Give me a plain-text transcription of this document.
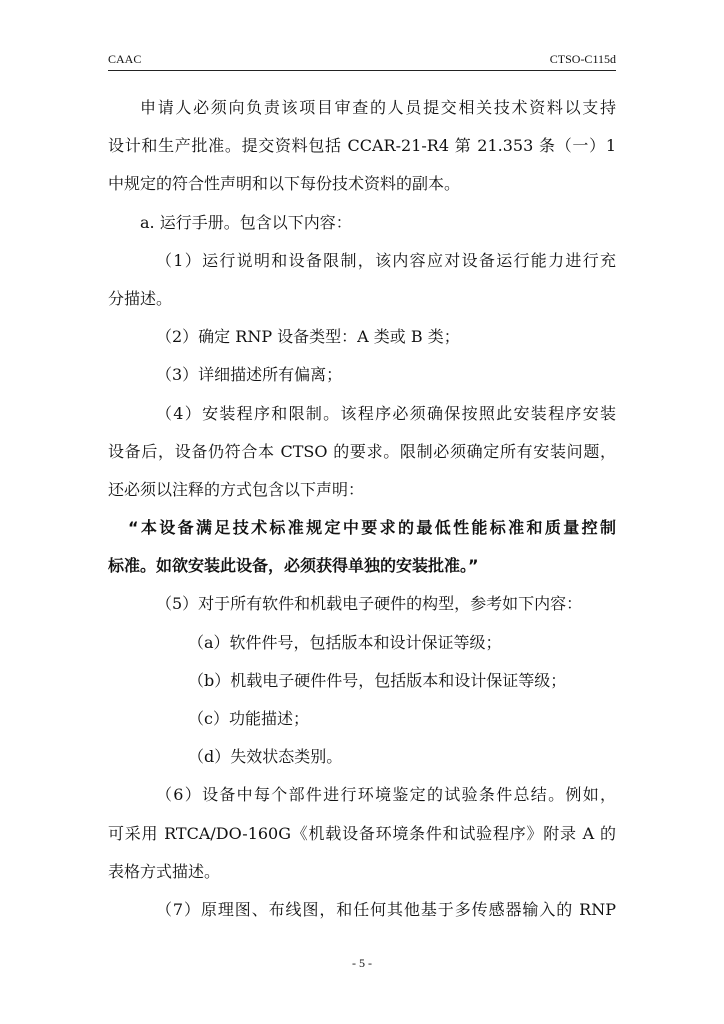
CAAC	CTSO-C115d
申请人必须向负责该项目审查的人员提交相关技术资料以支持
设计和生产批准。提交资料包括 CCAR-21-R4 第 21.353 条（一）1
中规定的符合性声明和以下每份技术资料的副本。
a. 运行手册。包含以下内容：
（1）运行说明和设备限制，该内容应对设备运行能力进行充
分描述。
（2）确定 RNP 设备类型：A 类或 B 类；
（3）详细描述所有偏离；
（4）安装程序和限制。该程序必须确保按照此安装程序安装
设备后，设备仍符合本 CTSO 的要求。限制必须确定所有安装问题，
还必须以注释的方式包含以下声明：
“本设备满足技术标准规定中要求的最低性能标准和质量控制
标准。如欲安装此设备，必须获得单独的安装批准。”
（5）对于所有软件和机载电子硬件的构型，参考如下内容：
（a）软件件号，包括版本和设计保证等级；
（b）机载电子硬件件号，包括版本和设计保证等级；
（c）功能描述；
（d）失效状态类别。
（6）设备中每个部件进行环境鉴定的试验条件总结。例如，
可采用 RTCA/DO-160G《机载设备环境条件和试验程序》附录 A 的
表格方式描述。
（7）原理图、布线图，和任何其他基于多传感器输入的 RNP
- 5 -
